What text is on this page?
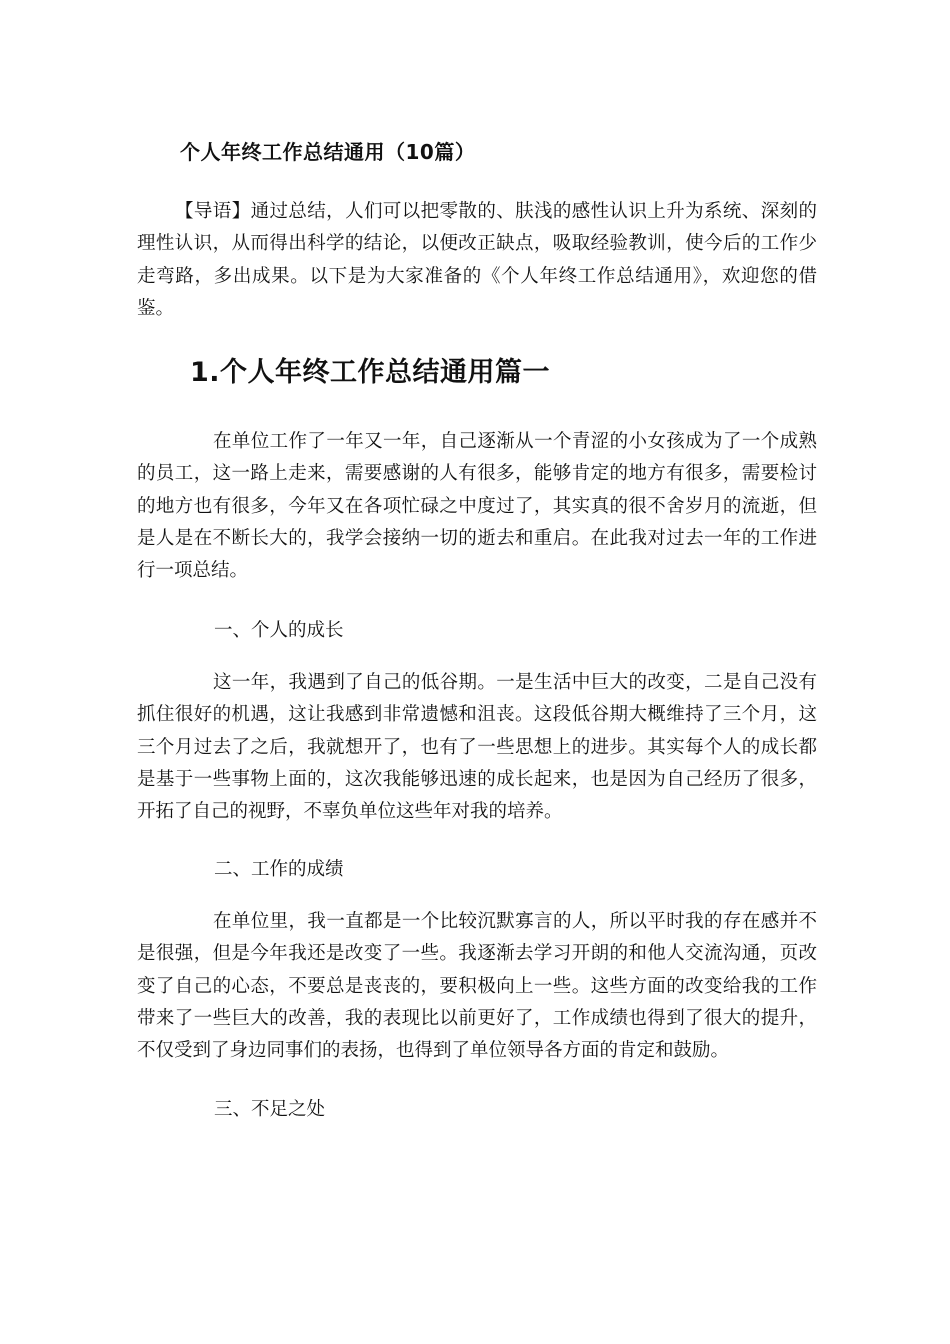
个人年终工作总结通用（10篇）

【导语】通过总结，人们可以把零散的、肤浅的感性认识上升为系统、深刻的理性认识，从而得出科学的结论，以便改正缺点，吸取经验教训，使今后的工作少走弯路，多出成果。以下是为大家准备的《个人年终工作总结通用》，欢迎您的借鉴。

1.个人年终工作总结通用篇一

在单位工作了一年又一年，自己逐渐从一个青涩的小女孩成为了一个成熟的员工，这一路上走来，需要感谢的人有很多，能够肯定的地方有很多，需要检讨的地方也有很多，今年又在各项忙碌之中度过了，其实真的很不舍岁月的流逝，但是人是在不断长大的，我学会接纳一切的逝去和重启。在此我对过去一年的工作进行一项总结。

一、个人的成长

这一年，我遇到了自己的低谷期。一是生活中巨大的改变，二是自己没有抓住很好的机遇，这让我感到非常遗憾和沮丧。这段低谷期大概维持了三个月，这三个月过去了之后，我就想开了，也有了一些思想上的进步。其实每个人的成长都是基于一些事物上面的，这次我能够迅速的成长起来，也是因为自己经历了很多，开拓了自己的视野，不辜负单位这些年对我的培养。

二、工作的成绩

在单位里，我一直都是一个比较沉默寡言的人，所以平时我的存在感并不是很强，但是今年我还是改变了一些。我逐渐去学习开朗的和他人交流沟通，页改变了自己的心态，不要总是丧丧的，要积极向上一些。这些方面的改变给我的工作带来了一些巨大的改善，我的表现比以前更好了，工作成绩也得到了很大的提升，不仅受到了身边同事们的表扬，也得到了单位领导各方面的肯定和鼓励。

三、不足之处
